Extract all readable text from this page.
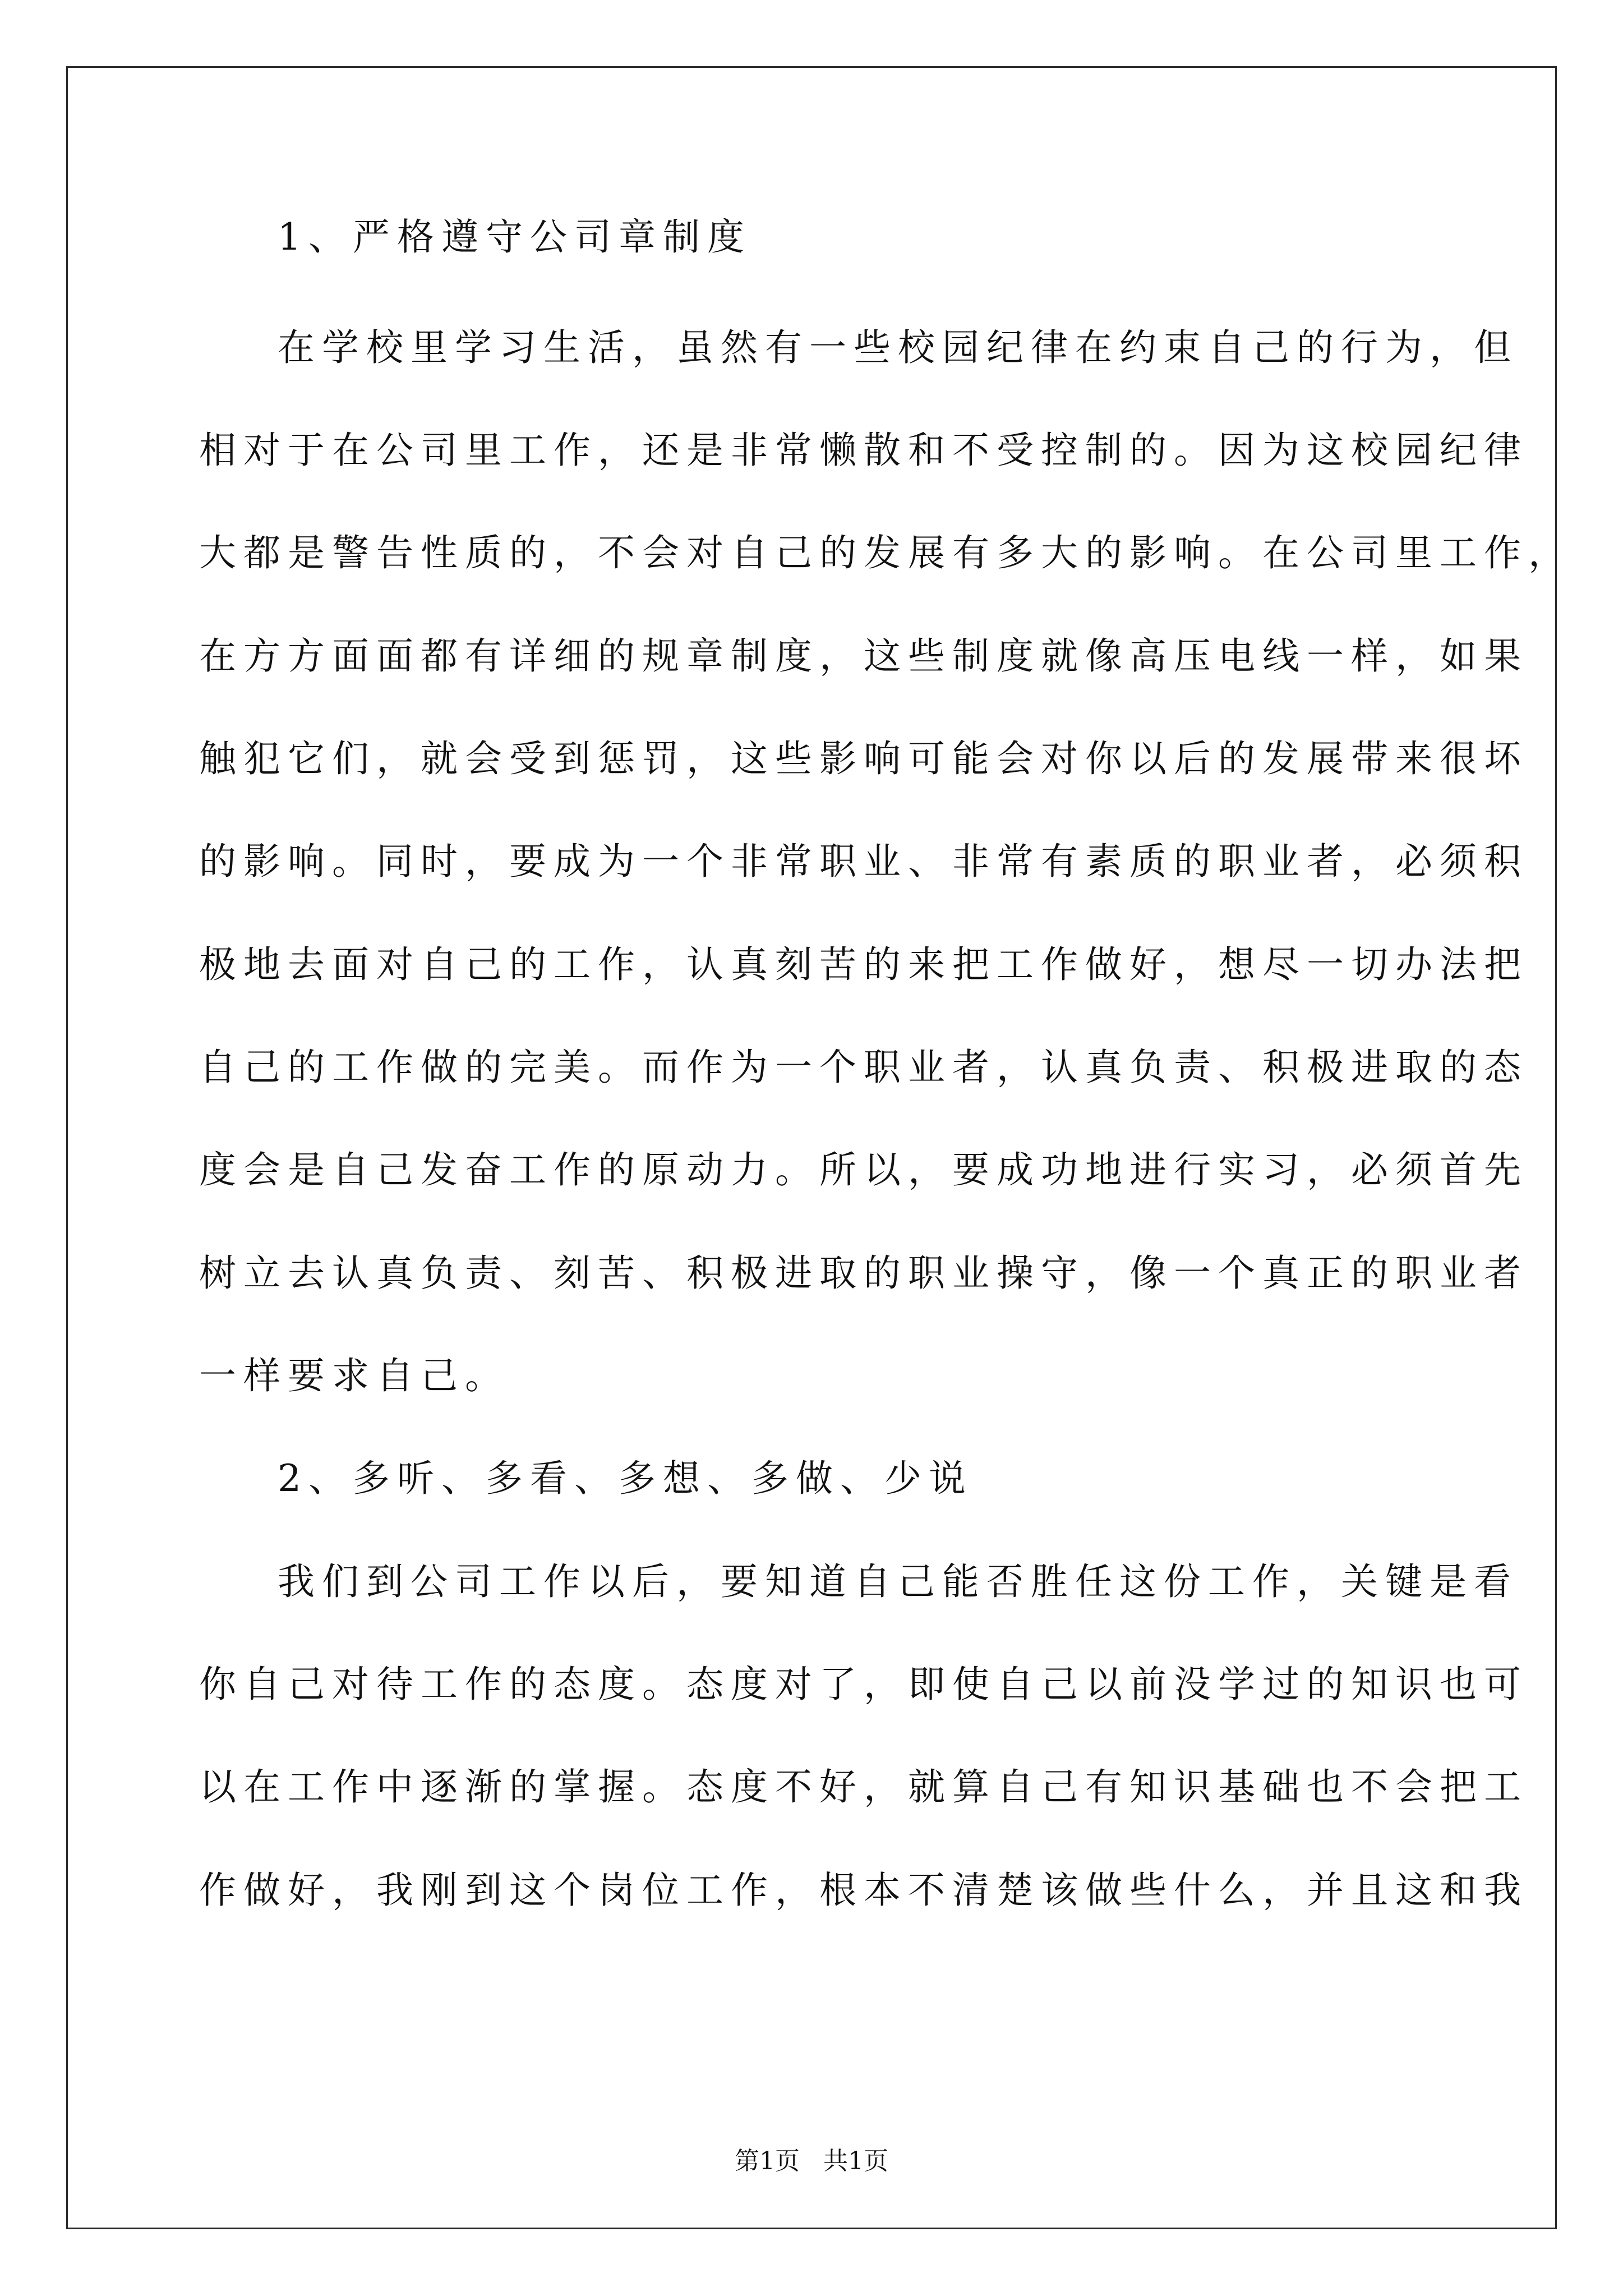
1、严格遵守公司章制度
在学校里学习生活，虽然有一些校园纪律在约束自己的行为，但
相对于在公司里工作，还是非常懒散和不受控制的。因为这校园纪律
大都是警告性质的，不会对自己的发展有多大的影响。在公司里工作，
在方方面面都有详细的规章制度，这些制度就像高压电线一样，如果
触犯它们，就会受到惩罚，这些影响可能会对你以后的发展带来很坏
的影响。同时，要成为一个非常职业、非常有素质的职业者，必须积
极地去面对自己的工作，认真刻苦的来把工作做好，想尽一切办法把
自己的工作做的完美。而作为一个职业者，认真负责、积极进取的态
度会是自己发奋工作的原动力。所以，要成功地进行实习，必须首先
树立去认真负责、刻苦、积极进取的职业操守，像一个真正的职业者
一样要求自己。
2、多听、多看、多想、多做、少说
我们到公司工作以后，要知道自己能否胜任这份工作，关键是看
你自己对待工作的态度。态度对了，即使自己以前没学过的知识也可
以在工作中逐渐的掌握。态度不好，就算自己有知识基础也不会把工
作做好，我刚到这个岗位工作，根本不清楚该做些什么，并且这和我
第1页   共1页
